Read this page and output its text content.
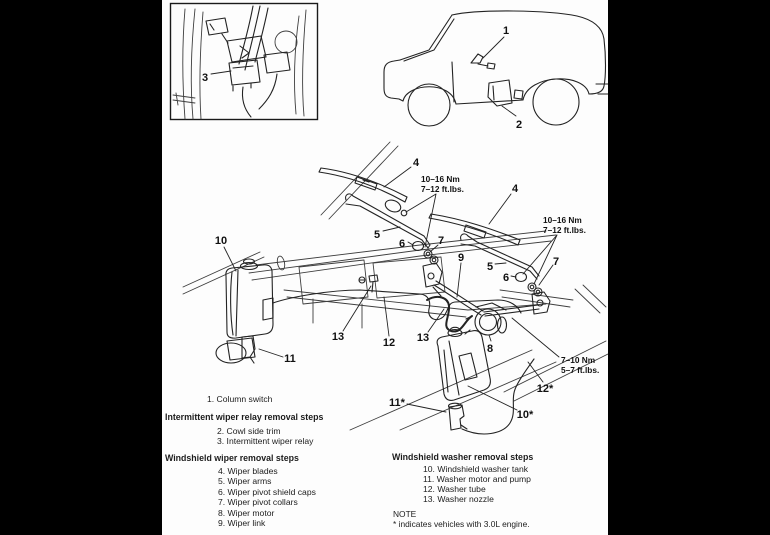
3
1
2
4
4
5
5
6
6
7
7
8
9
10
11
12
13	13
10*
11*
12*
10–16 Nm
7–12 ft.lbs.
10–16 Nm
7–12 ft.lbs.
7–10 Nm
5–7 ft.lbs.
1. Column switch
Intermittent wiper relay removal steps
2. Cowl side trim
3. Intermittent wiper relay
Windshield wiper removal steps
4. Wiper blades
5. Wiper arms
6. Wiper pivot shield caps
7. Wiper pivot collars
8. Wiper motor
9. Wiper link
Windshield washer removal steps
10. Windshield washer tank
11. Washer motor and pump
12. Washer tube
13. Washer nozzle
NOTE
* indicates vehicles with 3.0L engine.
